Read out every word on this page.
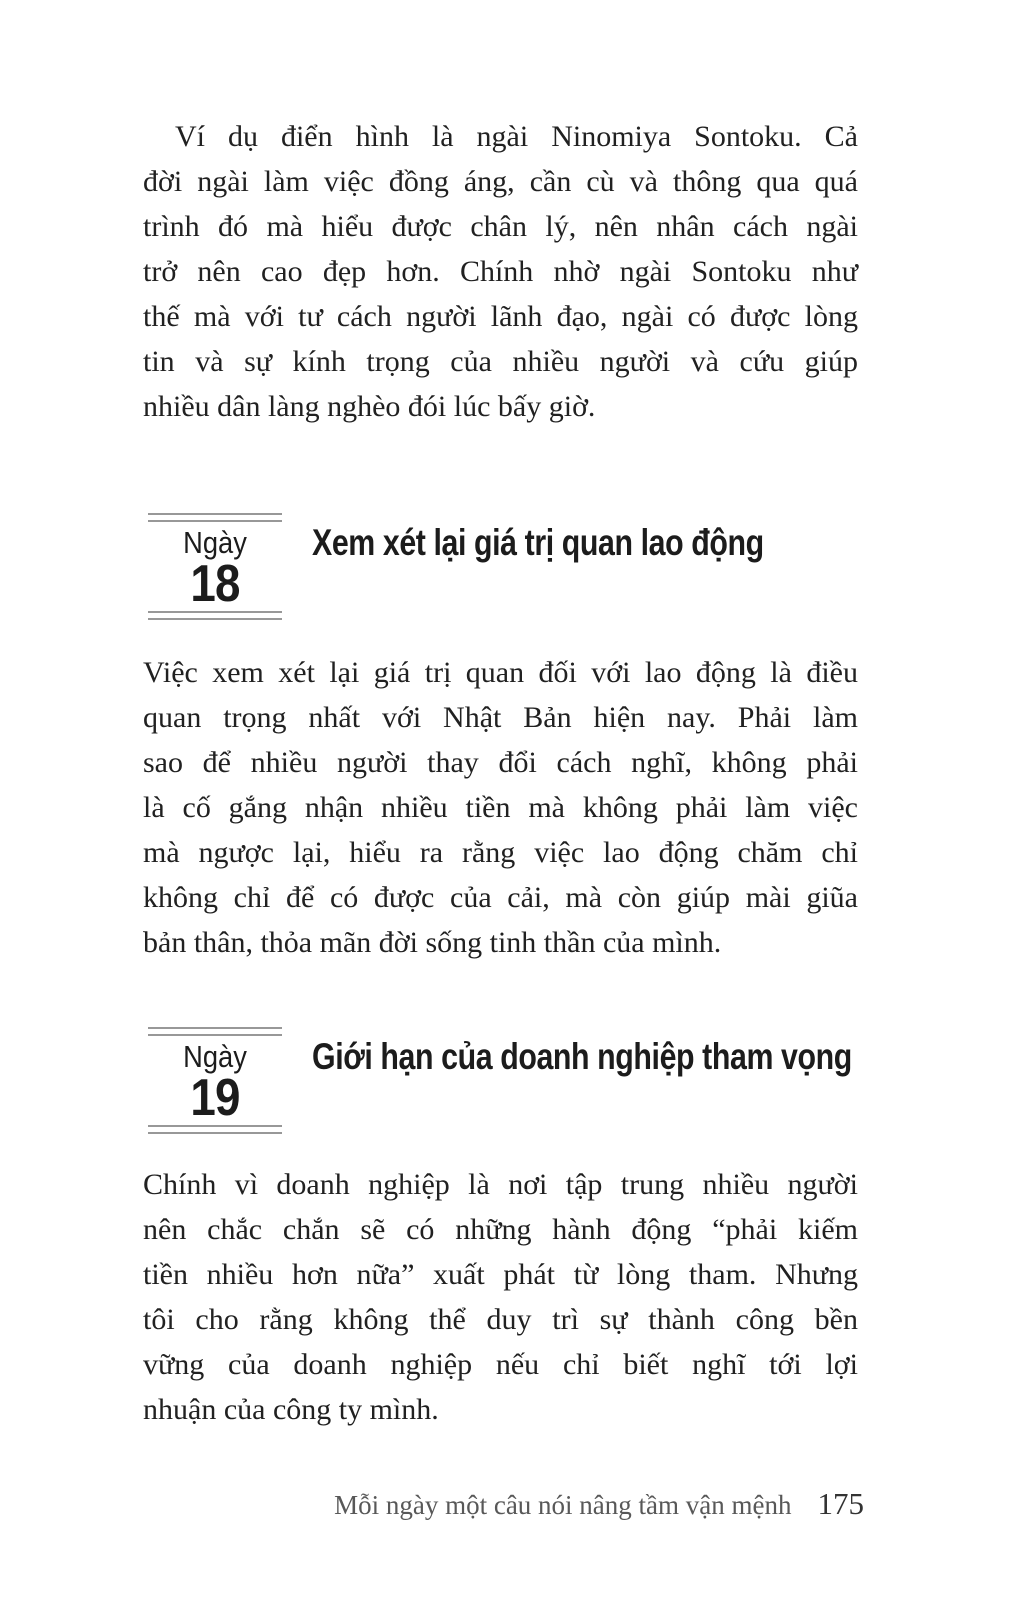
Ví dụ điển hình là ngài Ninomiya Sontoku. Cả
đời ngài làm việc đồng áng, cần cù và thông qua quá
trình đó mà hiểu được chân lý, nên nhân cách ngài
trở nên cao đẹp hơn. Chính nhờ ngài Sontoku như
thế mà với tư cách người lãnh đạo, ngài có được lòng
tin và sự kính trọng của nhiều người và cứu giúp
nhiều dân làng nghèo đói lúc bấy giờ.
Ngày
18
Xem xét lại giá trị quan lao động
Việc xem xét lại giá trị quan đối với lao động là điều
quan trọng nhất với Nhật Bản hiện nay. Phải làm
sao để nhiều người thay đổi cách nghĩ, không phải
là cố gắng nhận nhiều tiền mà không phải làm việc
mà ngược lại, hiểu ra rằng việc lao động chăm chỉ
không chỉ để có được của cải, mà còn giúp mài giũa
bản thân, thỏa mãn đời sống tinh thần của mình.
Ngày
19
Giới hạn của doanh nghiệp tham vọng
Chính vì doanh nghiệp là nơi tập trung nhiều người
nên chắc chắn sẽ có những hành động “phải kiếm
tiền nhiều hơn nữa” xuất phát từ lòng tham. Nhưng
tôi cho rằng không thể duy trì sự thành công bền
vững của doanh nghiệp nếu chỉ biết nghĩ tới lợi
nhuận của công ty mình.
Mỗi ngày một câu nói nâng tầm vận mệnh 175
